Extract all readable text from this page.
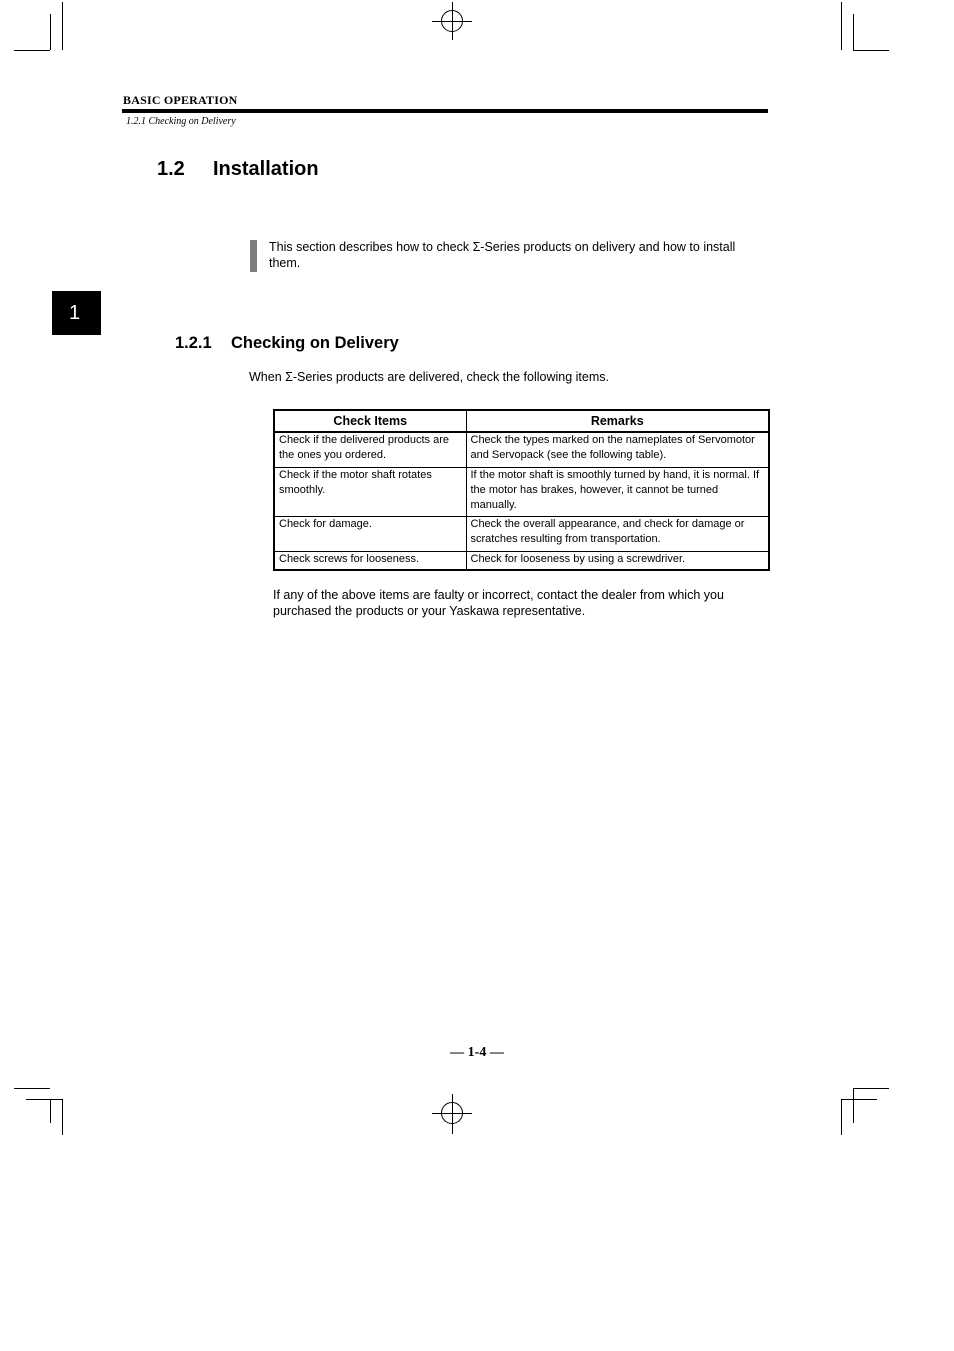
BASIC OPERATION
1.2.1 Checking on Delivery
1.2 Installation
This section describes how to check Σ-Series products on delivery and how to install them.
1
1.2.1 Checking on Delivery
When Σ-Series products are delivered, check the following items.
Check Items	Remarks
Check if the delivered products are the ones you ordered.	Check the types marked on the nameplates of Servomotor and Servopack (see the following table).
Check if the motor shaft rotates smoothly.	If the motor shaft is smoothly turned by hand, it is normal. If the motor has brakes, however, it cannot be turned manually.
Check for damage.	Check the overall appearance, and check for damage or scratches resulting from transportation.
Check screws for looseness.	Check for looseness by using a screwdriver.
If any of the above items are faulty or incorrect, contact the dealer from which you purchased the products or your Yaskawa representative.
— 1-4 —
